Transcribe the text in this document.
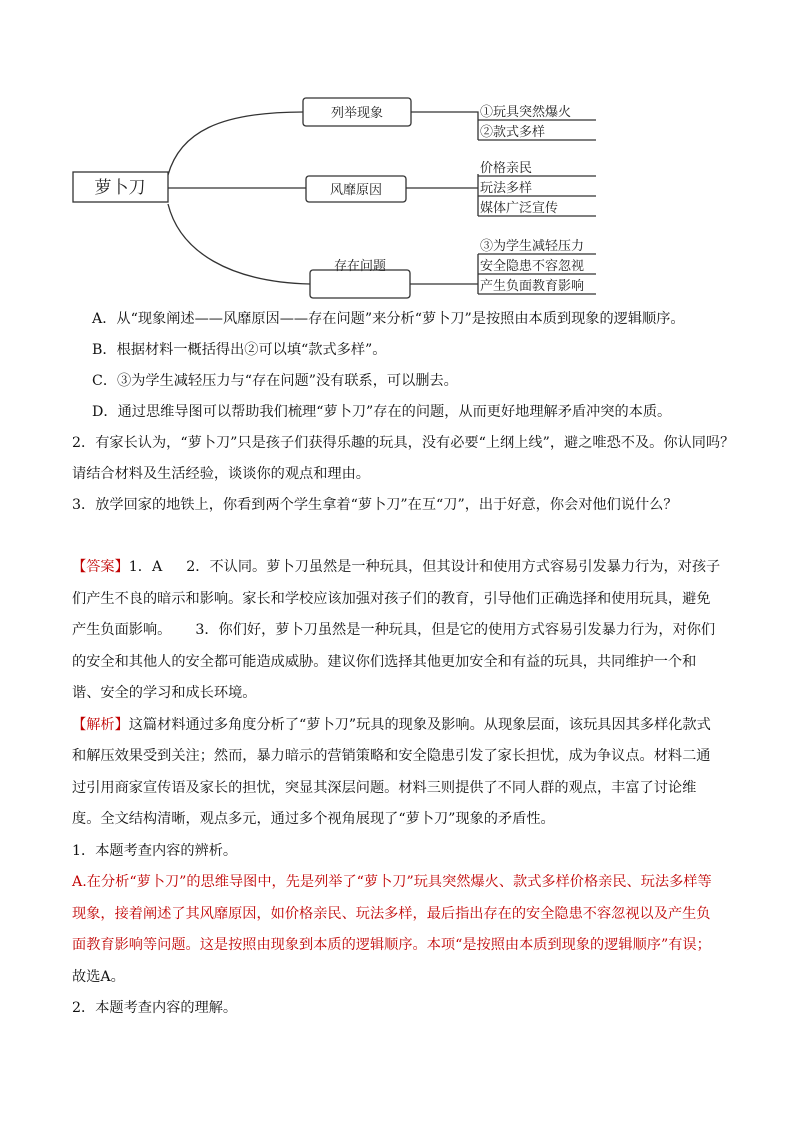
萝卜刀
列举现象	①玩具突然爆火
②款式多样
风靡原因
价格亲民
玩法多样
媒体广泛宣传
存在问题
③为学生减轻压力
安全隐患不容忽视
产生负面教育影响
A．从“现象阐述——风靡原因——存在问题”来分析“萝卜刀”是按照由本质到现象的逻辑顺序。
B．根据材料一概括得出②可以填“款式多样”。
C．③为学生减轻压力与“存在问题”没有联系，可以删去。
D．通过思维导图可以帮助我们梳理“萝卜刀”存在的问题，从而更好地理解矛盾冲突的本质。
2．有家长认为，“萝卜刀”只是孩子们获得乐趣的玩具，没有必要“上纲上线”，避之唯恐不及。你认同吗？
请结合材料及生活经验，谈谈你的观点和理由。
3．放学回家的地铁上，你看到两个学生拿着“萝卜刀”在互“刀”，出于好意，你会对他们说什么？

【答案】1．A 2．不认同。萝卜刀虽然是一种玩具，但其设计和使用方式容易引发暴力行为，对孩子们产生不良的暗示和影响。家长和学校应该加强对孩子们的教育，引导他们正确选择和使用玩具，避免产生负面影响。 3．你们好，萝卜刀虽然是一种玩具，但是它的使用方式容易引发暴力行为，对你们的安全和其他人的安全都可能造成威胁。建议你们选择其他更加安全和有益的玩具，共同维护一个和谐、安全的学习和成长环境。

【解析】这篇材料通过多角度分析了“萝卜刀”玩具的现象及影响。从现象层面，该玩具因其多样化款式和解压效果受到关注；然而，暴力暗示的营销策略和安全隐患引发了家长担忧，成为争议点。材料二通过引用商家宣传语及家长的担忧，突显其深层问题。材料三则提供了不同人群的观点，丰富了讨论维度。全文结构清晰，观点多元，通过多个视角展现了“萝卜刀”现象的矛盾性。

1．本题考查内容的辨析。

A.在分析“萝卜刀”的思维导图中，先是列举了“萝卜刀”玩具突然爆火、款式多样价格亲民、玩法多样等现象，接着阐述了其风靡原因，如价格亲民、玩法多样，最后指出存在的安全隐患不容忽视以及产生负面教育影响等问题。这是按照由现象到本质的逻辑顺序。本项“是按照由本质到现象的逻辑顺序”有误；

故选A。

2．本题考查内容的理解。
